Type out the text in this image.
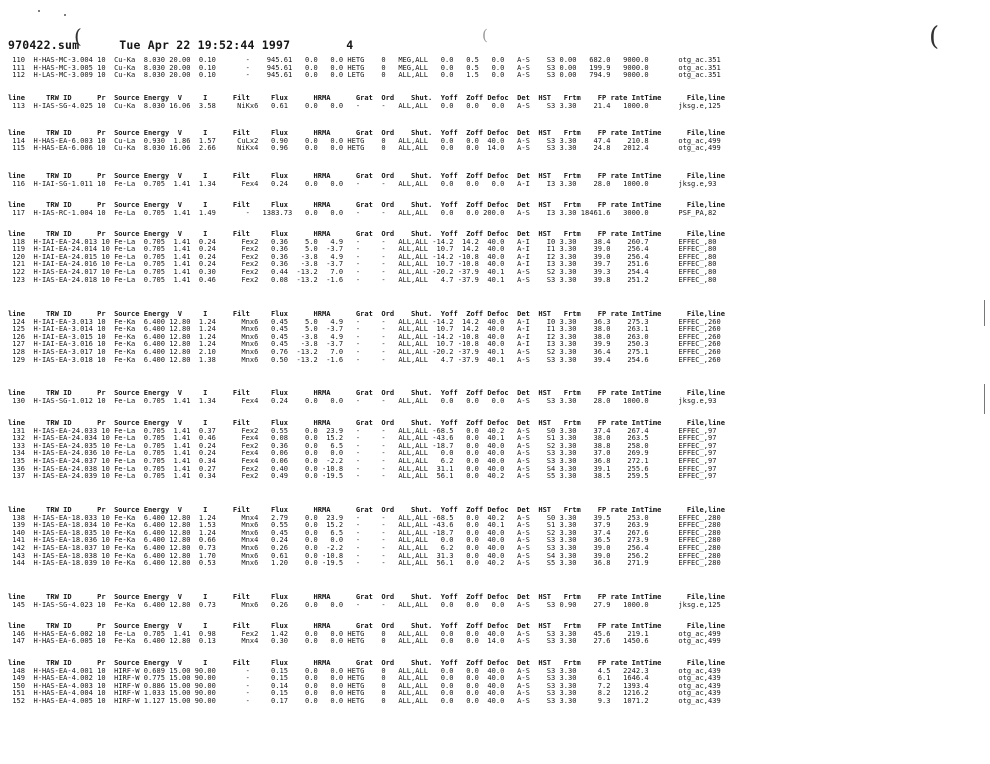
970422.sum	Tue Apr 22 19:52:44 1997	4
(	(	(
110  H-HAS-MC-3.004 10  Cu-Ka  8.030 20.00  0.10       -    945.61   0.0   0.0 HETG    0   MEG,ALL   0.0   0.5   0.0   A-S    S3 0.00   682.0   9000.0       otg_ac.351
111  H-HAS-MC-3.005 10  Cu-Ka  8.030 20.00  0.10       -    945.61   0.0   0.0 HETG    0   MEG,ALL   0.0   0.5   0.0   A-S    S3 0.00   199.9   9000.0       otg_ac.351
112  H-LAS-MC-3.009 10  Cu-Ka  8.030 20.00  0.10       -    945.61   0.0   0.0 LETG    0   ALL,ALL   0.0   1.5   0.0   A-S    S3 0.00   794.9   9000.0       otg_ac.351
line     TRW ID      Pr  Source Energy  V     I      Filt     Flux      HRMA      Grat  Ord    Shut.  Yoff  Zoff Defoc  Det  HST   Frtm    FP rate IntTime      File,line
113  H-IAS-SG-4.025 10  Cu-Ka  8.030 16.06  3.58     NiKx6   0.61    0.0   0.0   -     -   ALL,ALL   0.0   0.0   0.0   A-S    S3 3.30    21.4   1000.0       jksg.e,125
line     TRW ID      Pr  Source Energy  V     I      Filt     Flux      HRMA      Grat  Ord    Shut.  Yoff  Zoff Defoc  Det  HST   Frtm    FP rate IntTime      File,line
114  H-HAS-EA-6.003 10  Cu-La  0.930  1.86  1.57     CuLx2   0.90    0.0   0.0 HETG    0   ALL,ALL   0.0   0.0  40.0   A-S    S3 3.30    47.4    210.8       otg_ac,499
115  H-HAS-EA-6.006 10  Cu-Ka  8.030 16.06  2.66     NiKx4   0.96    0.0   0.0 HETG    0   ALL,ALL   0.0   0.0  14.0   A-S    S3 3.30    24.8   2012.4       otg_ac,499
line     TRW ID      Pr  Source Energy  V     I      Filt     Flux      HRMA      Grat  Ord    Shut.  Yoff  Zoff Defoc  Det  HST   Frtm    FP rate IntTime      File,line
116  H-IAI-SG-1.011 10  Fe-La  0.705  1.41  1.34      Fex4   0.24    0.0   0.0   -     -   ALL,ALL   0.0   0.0   0.0   A-I    I3 3.30    28.0   1000.0       jksg.e,93
line     TRW ID      Pr  Source Energy  V     I      Filt     Flux      HRMA      Grat  Ord    Shut.  Yoff  Zoff Defoc  Det  HST   Frtm    FP rate IntTime      File,line
117  H-IAS-RC-1.004 10  Fe-La  0.705  1.41  1.49       -   1383.73   0.0   0.0   -     -   ALL,ALL   0.0   0.0 200.0   A-S    I3 3.30 18461.6   3000.0       PSF_PA,82
line     TRW ID      Pr  Source Energy  V     I      Filt     Flux      HRMA      Grat  Ord    Shut.  Yoff  Zoff Defoc  Det  HST   Frtm    FP rate IntTime      File,line
118  H-IAI-EA-24.013 10 Fe-La  0.705  1.41  0.24      Fex2   0.36    5.0   4.9   -     -   ALL,ALL -14.2  14.2  40.0   A-I    I0 3.30    38.4    260.7       EFFEC_,80
119  H-IAI-EA-24.014 10 Fe-La  0.705  1.41  0.24      Fex2   0.36    5.0  -3.7   -     -   ALL,ALL  10.7  14.2  40.0   A-I    I1 3.30    39.0    256.4       EFFEC_,80
120  H-IAI-EA-24.015 10 Fe-La  0.705  1.41  0.24      Fex2   0.36   -3.8   4.9   -     -   ALL,ALL -14.2 -10.8  40.0   A-I    I2 3.30    39.0    256.4       EFFEC_,80
121  H-IAI-EA-24.016 10 Fe-La  0.705  1.41  0.24      Fex2   0.36   -3.8  -3.7   -     -   ALL,ALL  10.7 -10.8  40.0   A-I    I3 3.30    39.7    251.6       EFFEC_,80
122  H-IAS-EA-24.017 10 Fe-La  0.705  1.41  0.30      Fex2   0.44  -13.2   7.0   -     -   ALL,ALL -20.2 -37.9  40.1   A-S    S2 3.30    39.3    254.4       EFFEC_,80
123  H-IAS-EA-24.018 10 Fe-La  0.705  1.41  0.46      Fex2   0.08  -13.2  -1.6   -     -   ALL,ALL   4.7 -37.9  40.1   A-S    S3 3.30    39.8    251.2       EFFEC_,80
line     TRW ID      Pr  Source Energy  V     I      Filt     Flux      HRMA      Grat  Ord    Shut.  Yoff  Zoff Defoc  Det  HST   Frtm    FP rate IntTime      File,line
124  H-IAI-EA-3.013 10  Fe-Ka  6.400 12.80  1.24      Mnx6   0.45    5.0   4.9   -     -   ALL,ALL -14.2  14.2  40.0   A-I    I0 3.30    36.3    275.3       EFFEC_,260
125  H-IAI-EA-3.014 10  Fe-Ka  6.400 12.80  1.24      Mnx6   0.45    5.0  -3.7   -     -   ALL,ALL  10.7  14.2  40.0   A-I    I1 3.30    38.0    263.1       EFFEC_,260
126  H-IAI-EA-3.015 10  Fe-Ka  6.400 12.80  1.24      Mnx6   0.45   -3.8   4.9   -     -   ALL,ALL -14.2 -10.8  40.0   A-I    I2 3.30    38.0    263.0       EFFEC_,260
127  H-IAI-EA-3.016 10  Fe-Ka  6.400 12.80  1.24      Mnx6   0.45   -3.8  -3.7   -     -   ALL,ALL  10.7 -10.8  40.0   A-I    I3 3.30    39.9    250.3       EFFEC_,260
128  H-IAS-EA-3.017 10  Fe-Ka  6.400 12.80  2.10      Mnx6   0.76  -13.2   7.0   -     -   ALL,ALL -20.2 -37.9  40.1   A-S    S2 3.30    36.4    275.1       EFFEC_,260
129  H-IAS-EA-3.018 10  Fe-Ka  6.400 12.80  1.38      Mnx6   0.50  -13.2  -1.6   -     -   ALL,ALL   4.7 -37.9  40.1   A-S    S3 3.30    39.4    254.6       EFFEC_,260
line     TRW ID      Pr  Source Energy  V     I      Filt     Flux      HRMA      Grat  Ord    Shut.  Yoff  Zoff Defoc  Det  HST   Frtm    FP rate IntTime      File,line
130  H-IAS-SG-1.012 10  Fe-La  0.705  1.41  1.34      Fex4   0.24    0.0   0.0   -     -   ALL,ALL   0.0   0.0   0.0   A-S    S3 3.30    28.0   1000.0       jksg.e,93
line     TRW ID      Pr  Source Energy  V     I      Filt     Flux      HRMA      Grat  Ord    Shut.  Yoff  Zoff Defoc  Det  HST   Frtm    FP rate IntTime      File,line
131  H-IAS-EA-24.033 10 Fe-La  0.705  1.41  0.37      Fex2   0.55    0.0  23.9   -     -   ALL,ALL -68.5   0.0  40.2   A-S    S0 3.30    37.4    267.4       EFFEC_,97
132  H-IAS-EA-24.034 10 Fe-La  0.705  1.41  0.46      Fex4   0.08    0.0  15.2   -     -   ALL,ALL -43.6   0.0  40.1   A-S    S1 3.30    38.0    263.5       EFFEC_,97
133  H-IAS-EA-24.035 10 Fe-La  0.705  1.41  0.24      Fex2   0.36    0.0   6.5   -     -   ALL,ALL -18.7   0.0  40.0   A-S    S2 3.30    38.8    258.0       EFFEC_,97
134  H-IAS-EA-24.036 10 Fe-La  0.705  1.41  0.24      Fex4   0.06    0.0   0.0   -     -   ALL,ALL   0.0   0.0  40.0   A-S    S3 3.30    37.0    269.9       EFFEC_,97
135  H-IAS-EA-24.037 10 Fe-La  0.705  1.41  0.34      Fex4   0.06    0.0  -2.2   -     -   ALL,ALL   6.2   0.0  40.0   A-S    S3 3.30    36.8    272.1       EFFEC_,97
136  H-IAS-EA-24.038 10 Fe-La  0.705  1.41  0.27      Fex2   0.40    0.0 -10.8   -     -   ALL,ALL  31.1   0.0  40.0   A-S    S4 3.30    39.1    255.6       EFFEC_,97
137  H-IAS-EA-24.039 10 Fe-La  0.705  1.41  0.34      Fex2   0.49    0.0 -19.5   -     -   ALL,ALL  56.1   0.0  40.2   A-S    S5 3.30    38.5    259.5       EFFEC_,97
line     TRW ID      Pr  Source Energy  V     I      Filt     Flux      HRMA      Grat  Ord    Shut.  Yoff  Zoff Defoc  Det  HST   Frtm    FP rate IntTime      File,line
138  H-IAS-EA-18.033 10 Fe-Ka  6.400 12.80  1.24      Mnx4   2.79    0.0  23.9   -     -   ALL,ALL -68.5   0.0  40.2   A-S    S0 3.30    39.5    253.0       EFFEC_,280
139  H-IAS-EA-18.034 10 Fe-Ka  6.400 12.80  1.53      Mnx6   0.55    0.0  15.2   -     -   ALL,ALL -43.6   0.0  40.1   A-S    S1 3.30    37.9    263.9       EFFEC_,280
140  H-IAS-EA-18.035 10 Fe-Ka  6.400 12.80  1.24      Mnx6   0.45    0.0   6.5   -     -   ALL,ALL -18.7   0.0  40.0   A-S    S2 3.30    37.4    267.6       EFFEC_,280
141  H-IAS-EA-18.036 10 Fe-Ka  6.400 12.80  0.66      Mnx4   0.24    0.0   0.0   -     -   ALL,ALL   0.0   0.0  40.0   A-S    S3 3.30    36.5    273.9       EFFEC_,280
142  H-IAS-EA-18.037 10 Fe-Ka  6.400 12.80  0.73      Mnx6   0.26    0.0  -2.2   -     -   ALL,ALL   6.2   0.0  40.0   A-S    S3 3.30    39.0    256.4       EFFEC_,280
143  H-IAS-EA-18.038 10 Fe-Ka  6.400 12.80  1.70      Mnx6   0.61    0.0 -10.8   -     -   ALL,ALL  31.3   0.0  40.0   A-S    S4 3.30    39.0    256.2       EFFEC_,280
144  H-IAS-EA-18.039 10 Fe-Ka  6.400 12.80  0.53      Mnx6   1.20    0.0 -19.5   -     -   ALL,ALL  56.1   0.0  40.2   A-S    S5 3.30    36.8    271.9       EFFEC_,280
line     TRW ID      Pr  Source Energy  V     I      Filt     Flux      HRMA      Grat  Ord    Shut.  Yoff  Zoff Defoc  Det  HST   Frtm    FP rate IntTime      File,line
145  H-IAS-SG-4.023 10  Fe-Ka  6.400 12.80  0.73      Mnx6   0.26    0.0   0.0   -     -   ALL,ALL   0.0   0.0   0.0   A-S    S3 0.90    27.9   1000.0       jksg.e,125
line     TRW ID      Pr  Source Energy  V     I      Filt     Flux      HRMA      Grat  Ord    Shut.  Yoff  Zoff Defoc  Det  HST   Frtm    FP rate IntTime      File,line
146  H-HAS-EA-6.002 10  Fe-La  0.705  1.41  0.98      Fex2   1.42    0.0   0.0 HETG    0   ALL,ALL   0.0   0.0  40.0   A-S    S3 3.30    45.6    219.1       otg_ac,499
147  H-HAS-EA-6.005 10  Fe-Ka  6.400 12.80  0.13      Mnx4   0.30    0.0   0.0 HETG    0   ALL,ALL   0.0   0.0  14.0   A-S    S3 3.30    27.6   1450.6       otg_ac,499
line     TRW ID      Pr  Source Energy  V     I      Filt     Flux      HRMA      Grat  Ord    Shut.  Yoff  Zoff Defoc  Det  HST   Frtm    FP rate IntTime      File,line
148  H-HAS-EA-4.001 10  HIRF-W 0.689 15.00 90.00       -     0.15    0.0   0.0 HETG    0   ALL,ALL   0.0   0.0  40.0   A-S    S3 3.30     4.5   2242.3       otg_ac,439
149  H-HAS-EA-4.002 10  HIRF-W 0.775 15.00 90.00       -     0.15    0.0   0.0 HETG    0   ALL,ALL   0.0   0.0  40.0   A-S    S3 3.30     6.1   1646.4       otg_ac,439
150  H-HAS-EA-4.003 10  HIRF-W 0.886 15.00 90.00       -     0.14    0.0   0.0 HETG    0   ALL,ALL   0.0   0.0  40.0   A-S    S3 3.30     7.2   1393.4       otg_ac,439
151  H-HAS-EA-4.004 10  HIRF-W 1.033 15.00 90.00       -     0.15    0.0   0.0 HETG    0   ALL,ALL   0.0   0.0  40.0   A-S    S3 3.30     8.2   1216.2       otg_ac,439
152  H-HAS-EA-4.005 10  HIRF-W 1.127 15.00 90.00       -     0.17    0.0   0.0 HETG    0   ALL,ALL   0.0   0.0  40.0   A-S    S3 3.30     9.3   1071.2       otg_ac,439
